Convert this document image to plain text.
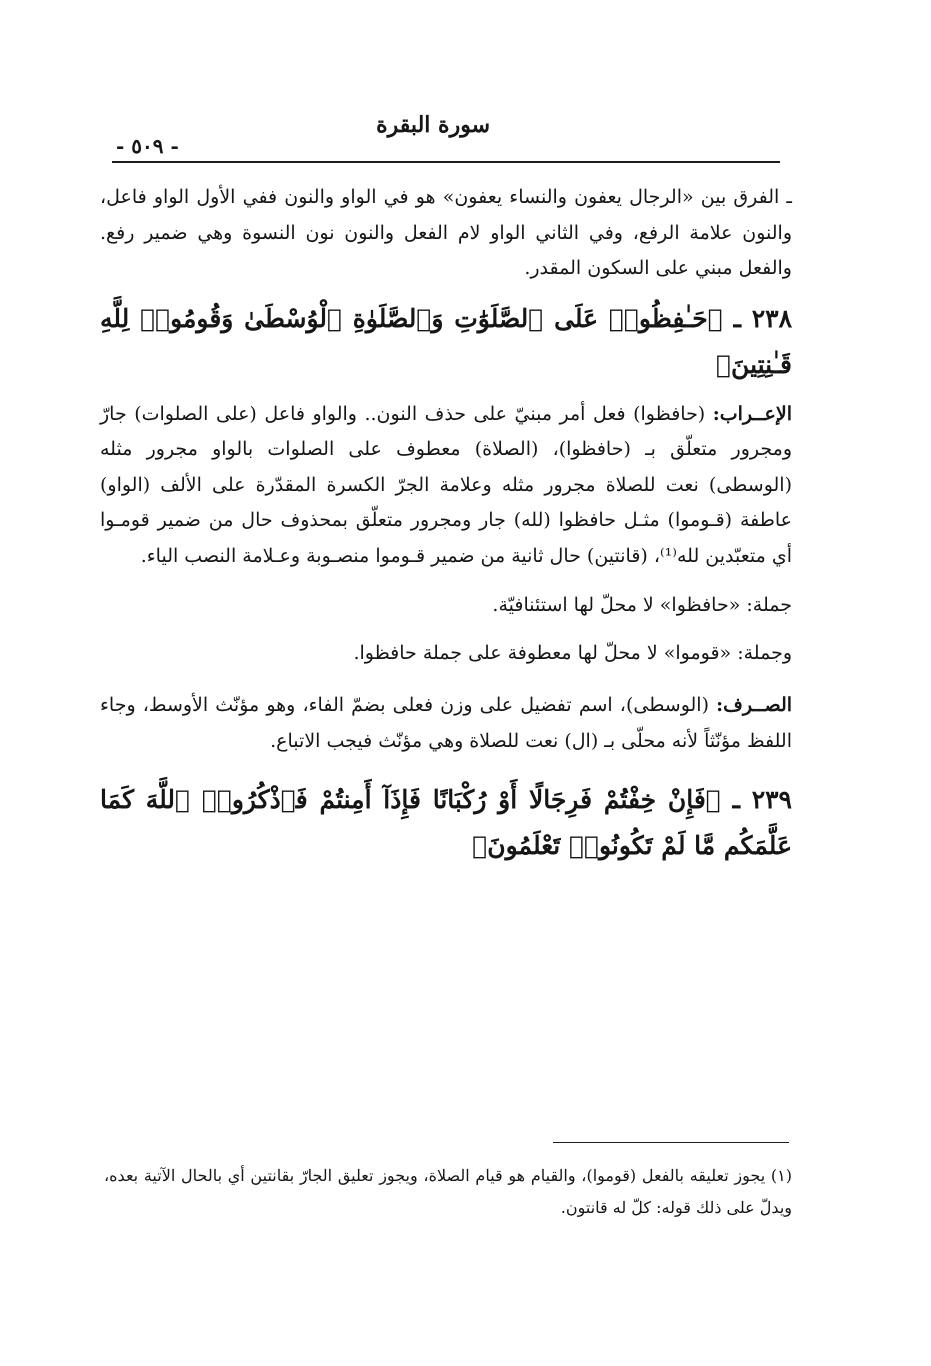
سورة البقرة
- ٥٠٩ -

ـ الفرق بين «الرجال يعفون والنساء يعفون» هو في الواو والنون ففي الأول الواو فاعل، والنون علامة الرفع، وفي الثاني الواو لام الفعل والنون نون النسوة وهي ضمير رفع. والفعل مبني على السكون المقدر.

٢٣٨ ـ ﴿حَـٰفِظُوا۟ عَلَى ٱلصَّلَوَٰتِ وَٱلصَّلَوٰةِ ٱلْوُسْطَىٰ وَقُومُوا۟ لِلَّهِ قَـٰنِتِينَ﴾

الإعــراب: (حافظوا) فعل أمر مبنيّ على حذف النون.. والواو فاعل (على الصلوات) جارّ ومجرور متعلّق بـ (حافظوا)، (الصلاة) معطوف على الصلوات بالواو مجرور مثله (الوسطى) نعت للصلاة مجرور مثله وعلامة الجرّ الكسرة المقدّرة على الألف (الواو) عاطفة (قـوموا) مثـل حافظوا (لله) جار ومجرور متعلّق بمحذوف حال من ضمير قومـوا أي متعبّدين لله⁽¹⁾، (قانتين) حال ثانية من ضمير قـوموا منصـوبة وعـلامة النصب الياء.

جملة: «حافظوا» لا محلّ لها استئنافيّة.

وجملة: «قوموا» لا محلّ لها معطوفة على جملة حافظوا.

الصــرف: (الوسطى)، اسم تفضيل على وزن فعلى بضمّ الفاء، وهو مؤنّث الأوسط، وجاء اللفظ مؤنّثاً لأنه محلّى بـ (ال) نعت للصلاة وهي مؤنّث فيجب الاتباع.

٢٣٩ ـ ﴿فَإِنْ خِفْتُمْ فَرِجَالًا أَوْ رُكْبَانًا فَإِذَآ أَمِنتُمْ فَٱذْكُرُوا۟ ٱللَّهَ كَمَا عَلَّمَكُم مَّا لَمْ تَكُونُوا۟ تَعْلَمُونَ﴾

(١) يجوز تعليقه بالفعل (قوموا)، والقيام هو قيام الصلاة، ويجوز تعليق الجارّ بقانتين أي بالحال الآتية بعده، ويدلّ على ذلك قوله: كلّ له قانتون.
